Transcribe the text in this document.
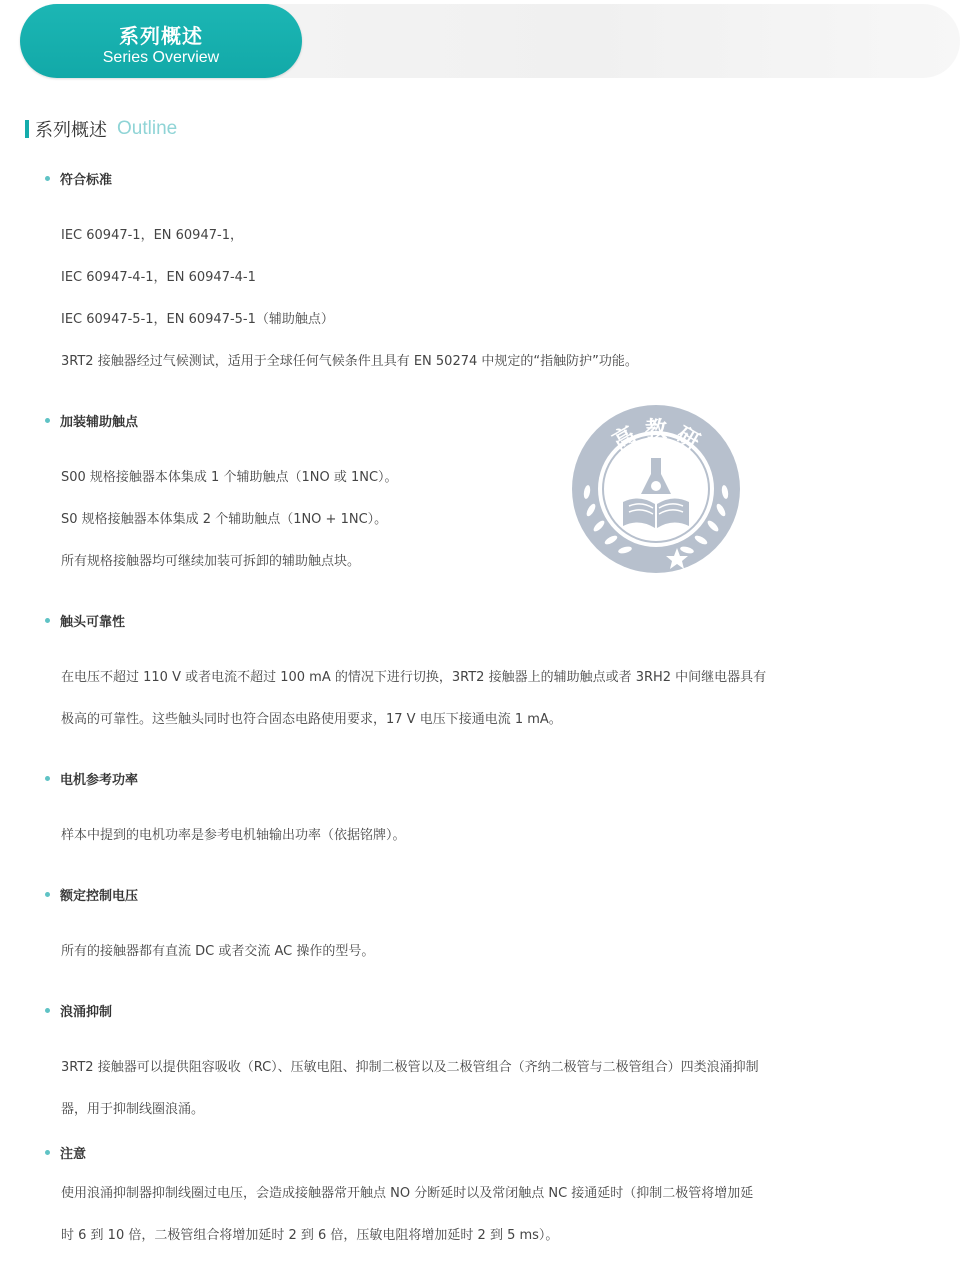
系列概述
Series Overview
系列概述 Outline
符合标准
IEC 60947-1，EN 60947-1，
IEC 60947-4-1，EN 60947-4-1
IEC 60947-5-1，EN 60947-5-1（辅助触点）
3RT2 接触器经过气候测试，适用于全球任何气候条件且具有 EN 50274 中规定的“指触防护”功能。
加装辅助触点
S00 规格接触器本体集成 1 个辅助触点（1NO 或 1NC）。
S0 规格接触器本体集成 2 个辅助触点（1NO + 1NC）。
所有规格接触器均可继续加装可拆卸的辅助触点块。
触头可靠性
在电压不超过 110 V 或者电流不超过 100 mA 的情况下进行切换，3RT2 接触器上的辅助触点或者 3RH2 中间继电器具有
极高的可靠性。这些触头同时也符合固态电路使用要求，17 V 电压下接通电流 1 mA。
电机参考功率
样本中提到的电机功率是参考电机轴输出功率（依据铭牌）。
额定控制电压
所有的接触器都有直流 DC 或者交流 AC 操作的型号。
浪涌抑制
3RT2 接触器可以提供阻容吸收（RC）、压敏电阻、抑制二极管以及二极管组合（齐纳二极管与二极管组合）四类浪涌抑制
器，用于抑制线圈浪涌。
注意
使用浪涌抑制器抑制线圈过电压，会造成接触器常开触点 NO 分断延时以及常闭触点 NC 接通延时（抑制二极管将增加延
时 6 到 10 倍，二极管组合将增加延时 2 到 6 倍，压敏电阻将增加延时 2 到 5 ms）。
高 教 研
